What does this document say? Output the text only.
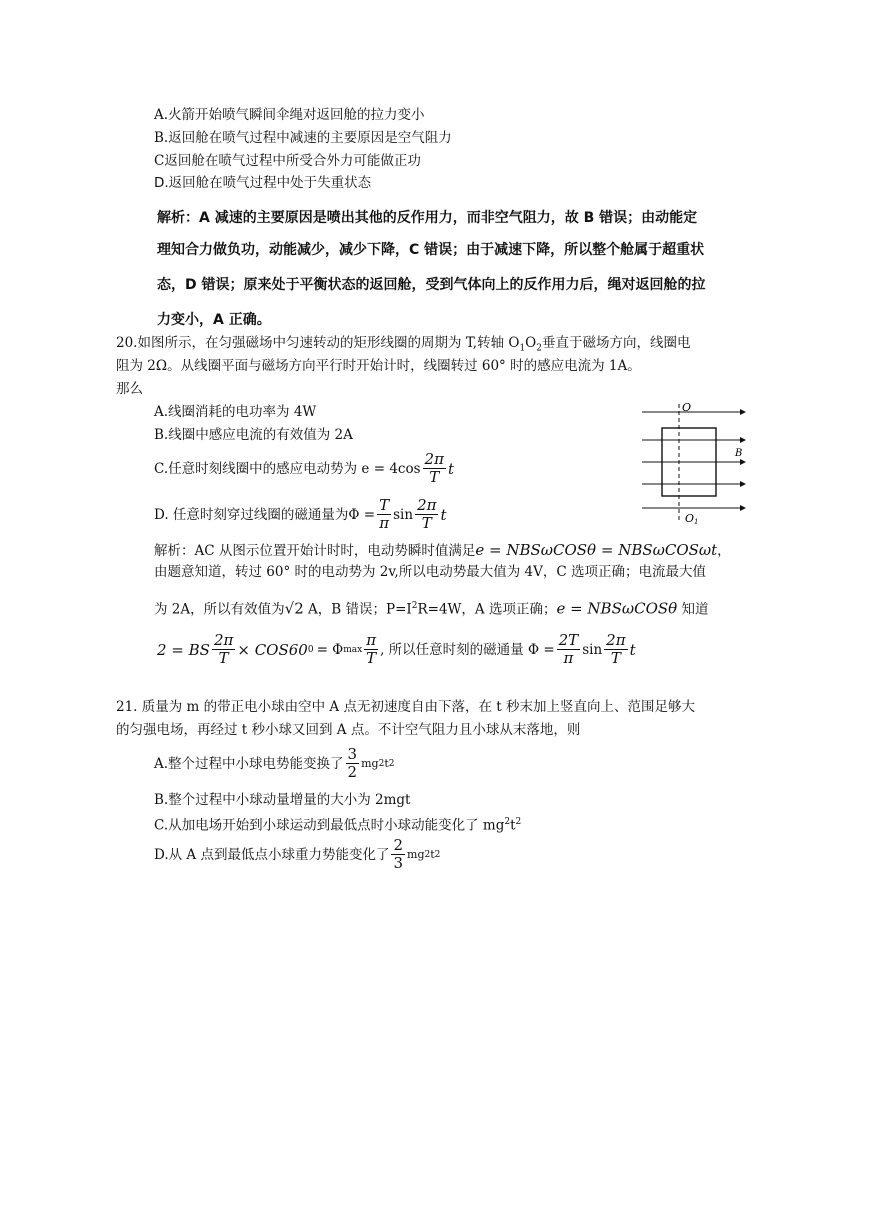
A.火箭开始喷气瞬间伞绳对返回舱的拉力变小
B.返回舱在喷气过程中减速的主要原因是空气阻力
C返回舱在喷气过程中所受合外力可能做正功
D.返回舱在喷气过程中处于失重状态
解析：A 减速的主要原因是喷出其他的反作用力，而非空气阻力，故 B 错误；由动能定
理知合力做负功，动能减少，减少下降，C 错误；由于减速下降，所以整个舱属于超重状
态，D 错误；原来处于平衡状态的返回舱，受到气体向上的反作用力后，绳对返回舱的拉
力变小，A 正确。
20.如图所示，在匀强磁场中匀速转动的矩形线圈的周期为 T,转轴 $O_1O_2$垂直于磁场方向，线圈电
阻为 2Ω。从线圈平面与磁场方向平行时开始计时，线圈转过 60° 时的感应电流为 1A。
那么
A.线圈消耗的电功率为 4W
B.线圈中感应电流的有效值为 2A
C.任意时刻线圈中的感应电动势为 $e = 4\cos \frac{2\pi}{T}$ t
D. 任意时刻穿过线圈的磁通量为$\Phi = \frac{T}{\pi}$ $\sin \frac{2\pi}{T}$ t
O
O1
B
解析：AC 从图示位置开始计时时，电动势瞬时值满足e = NBSωCOSθ = NBSωCOSωt，
由题意知道，转过 60° 时的电动势为 2v,所以电动势最大值为 4V，C 选项正确；电流最大值
为 2A，所以有效值为√2 A，B 错误；$P=I^2R=4W$，A 选项正确；e = NBSωCOSθ 知道
2 = BS $\frac{2\pi}{T} \times COS600 = \Phi\max \frac{\pi}{T}$ , 所以任意时刻的磁通量 $\Phi = \frac{2T}{\pi}$ $\sin \frac{2\pi}{T}$ t
21. 质量为 m 的带正电小球由空中 A 点无初速度自由下落，在 t 秒末加上竖直向上、范围足够大
的匀强电场，再经过 t 秒小球又回到 A 点。不计空气阻力且小球从末落地，则
A.整个过程中小球电势能变换了 $\frac{3}{2} mg2t2$
B.整个过程中小球动量增量的大小为 2mgt
C.从加电场开始到小球运动到最低点时小球动能变化了 $mg^2t^2$
D.从 A 点到最低点小球重力势能变化了 $\frac{2}{3} mg2t2$
